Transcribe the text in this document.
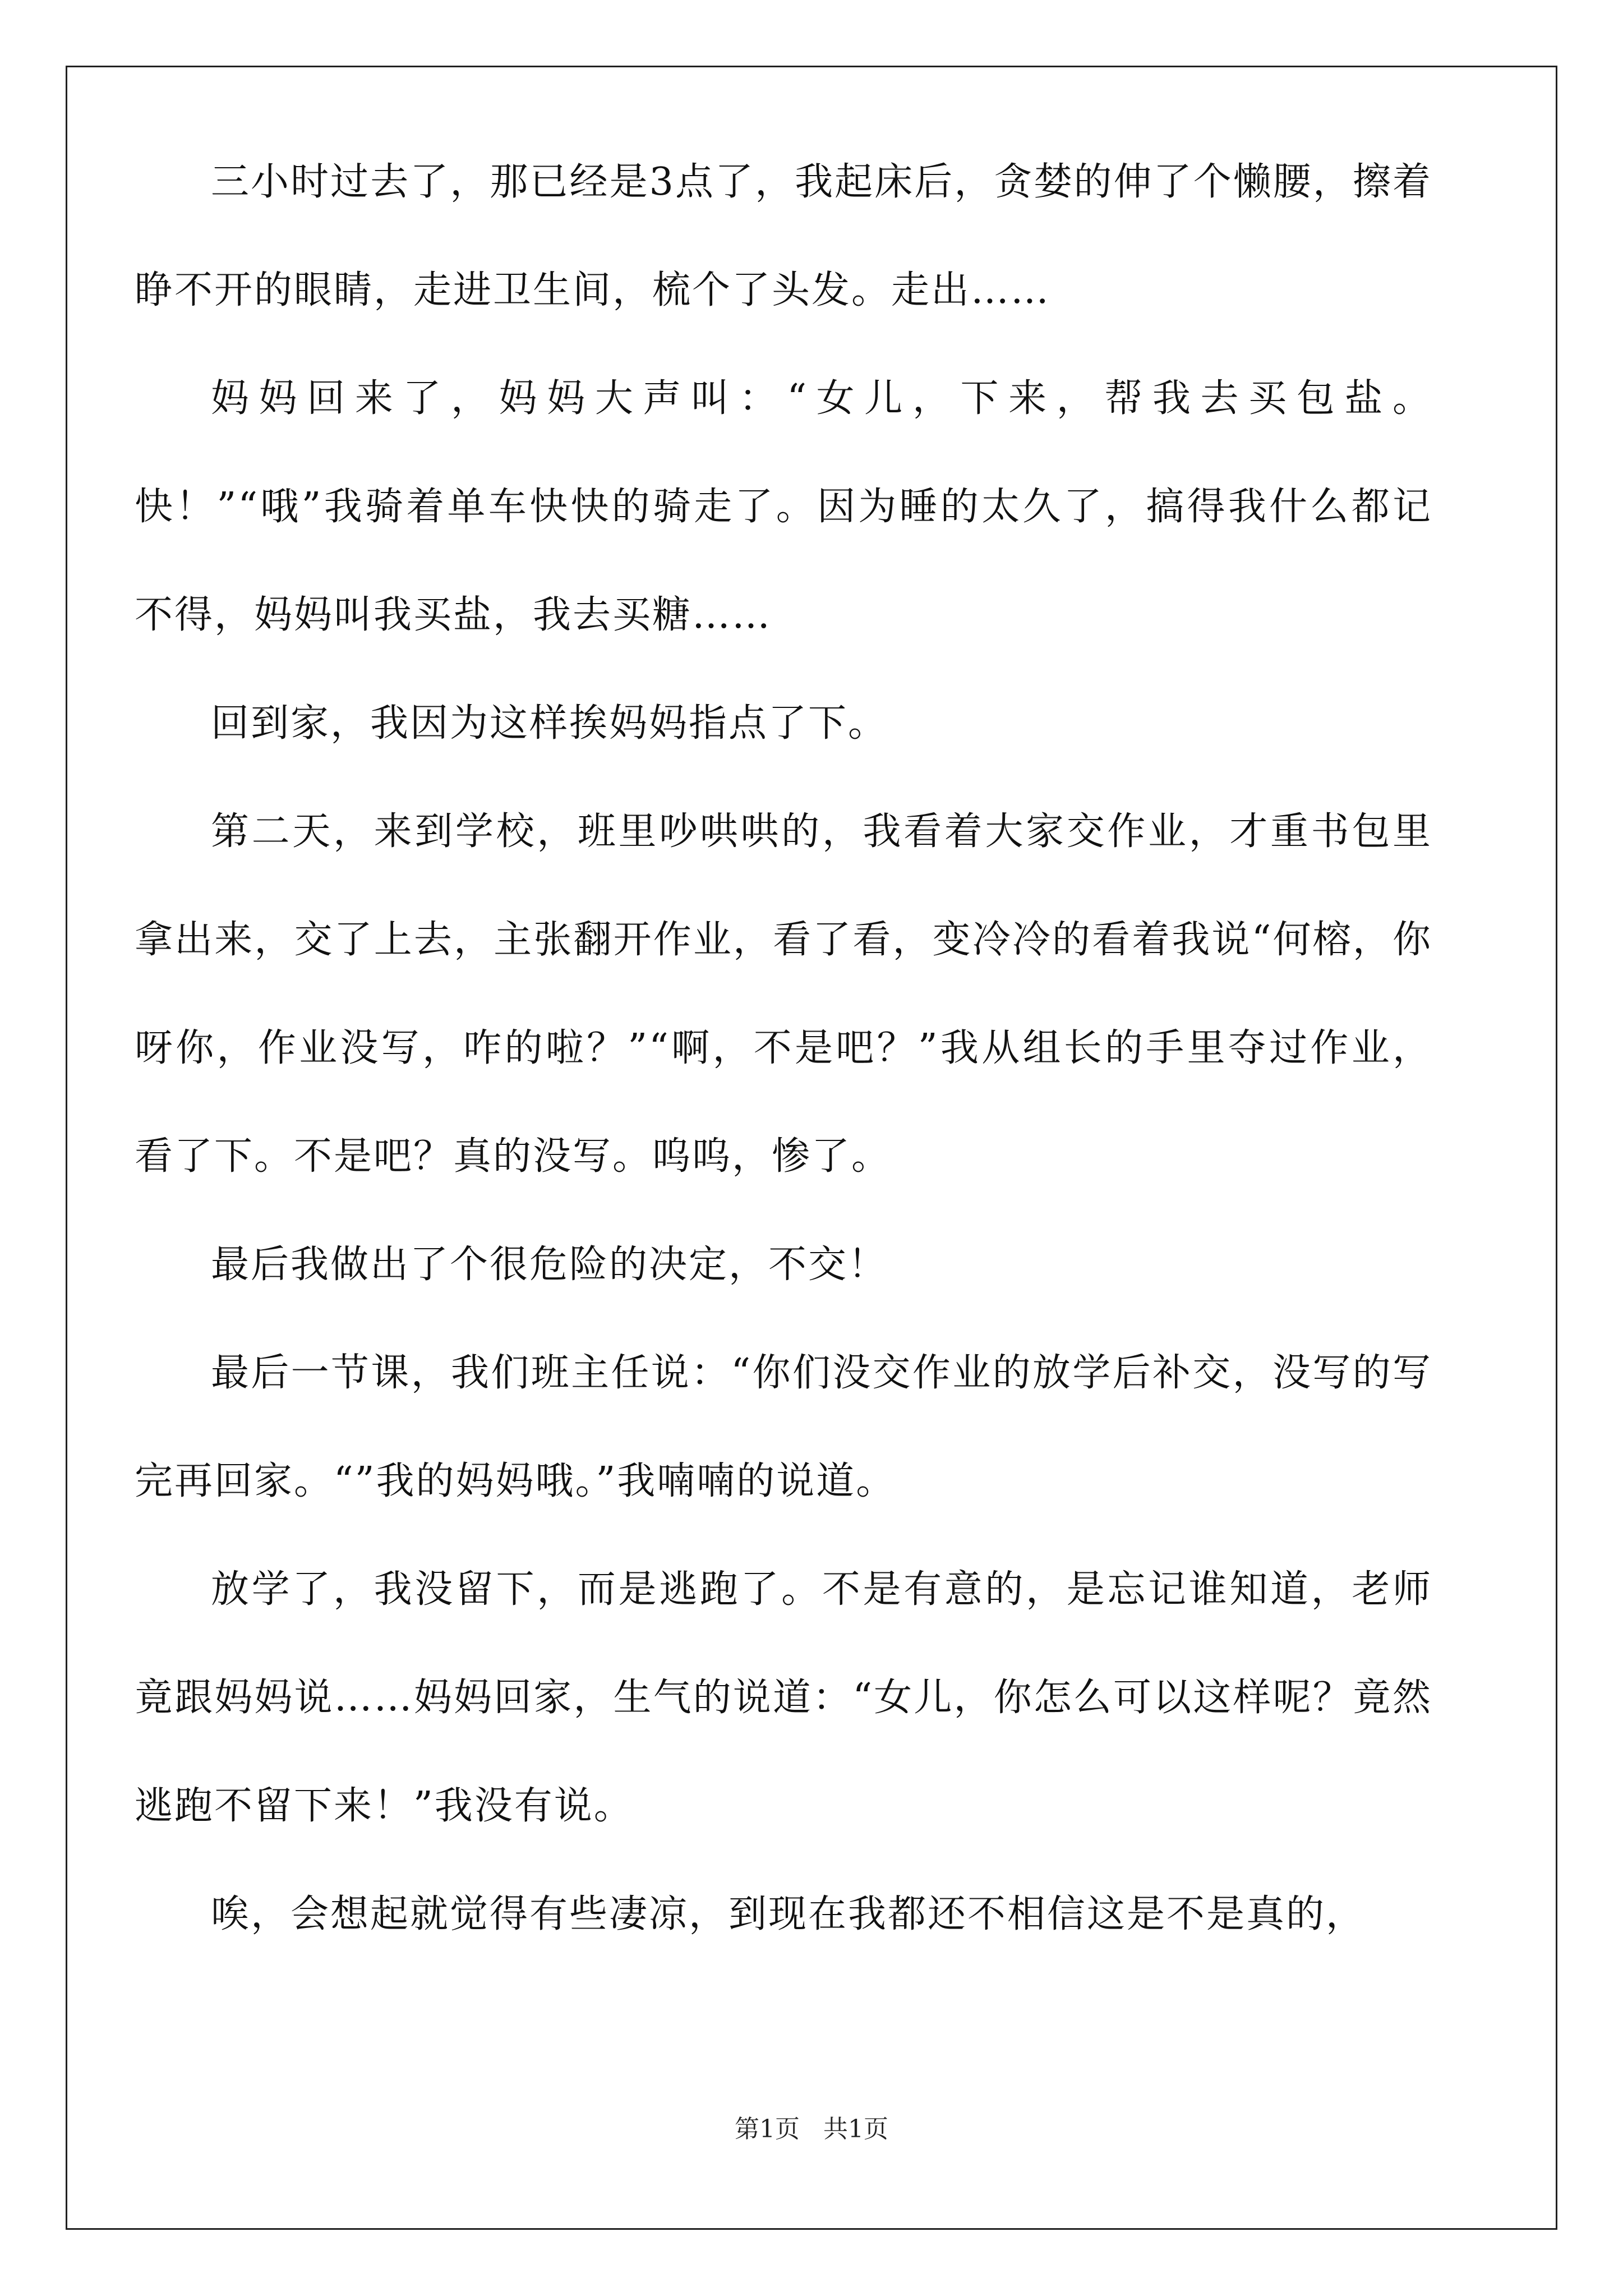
三小时过去了，那已经是3点了，我起床后，贪婪的伸了个懒腰，擦着睁不开的眼睛，走进卫生间，梳个了头发。走出……

妈妈回来了，妈妈大声叫：“女儿，下来，帮我去买包盐。快！”“哦”我骑着单车快快的骑走了。因为睡的太久了，搞得我什么都记不得，妈妈叫我买盐，我去买糖……

回到家，我因为这样挨妈妈指点了下。

第二天，来到学校，班里吵哄哄的，我看着大家交作业，才重书包里拿出来，交了上去，主张翻开作业，看了看，变冷冷的看着我说“何榕，你呀你，作业没写，咋的啦？”“啊，不是吧？”我从组长的手里夺过作业，看了下。不是吧？真的没写。呜呜，惨了。

最后我做出了个很危险的决定，不交！

最后一节课，我们班主任说：“你们没交作业的放学后补交，没写的写完再回家。“”我的妈妈哦。”我喃喃的说道。

放学了，我没留下，而是逃跑了。不是有意的，是忘记谁知道，老师竟跟妈妈说……妈妈回家，生气的说道：“女儿，你怎么可以这样呢？竟然逃跑不留下来！”我没有说。

唉，会想起就觉得有些凄凉，到现在我都还不相信这是不是真的，

第1页   共1页
